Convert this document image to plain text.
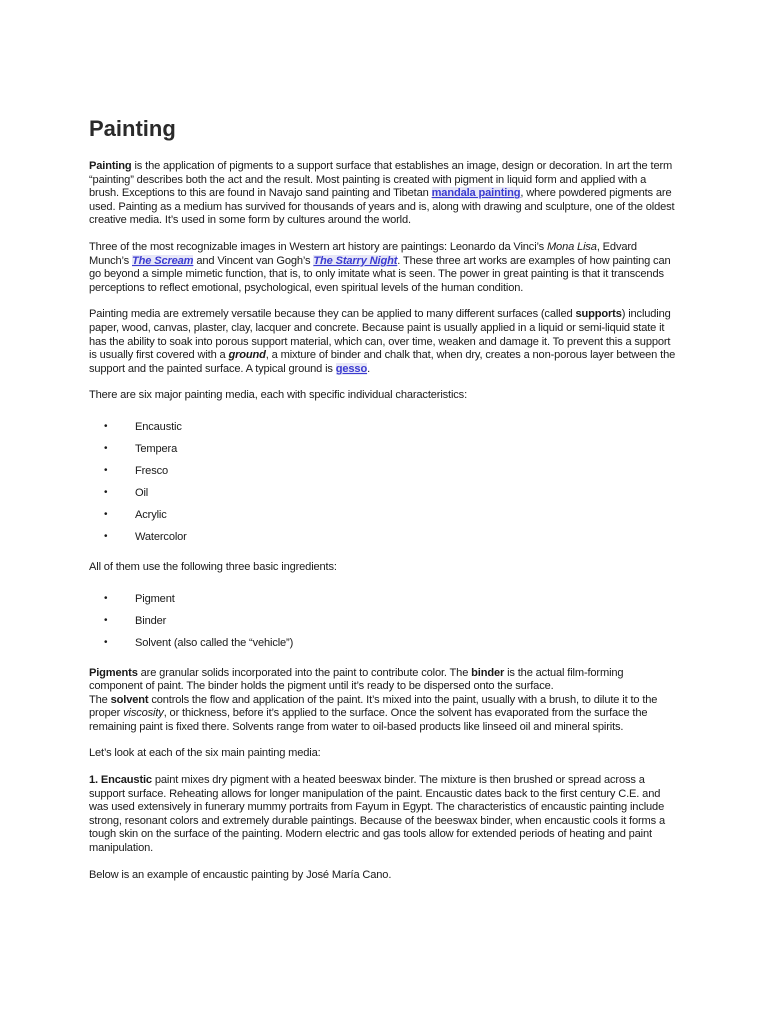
Painting

Painting is the application of pigments to a support surface that establishes an image, design or decoration. In art the term “painting” describes both the act and the result. Most painting is created with pigment in liquid form and applied with a brush. Exceptions to this are found in Navajo sand painting and Tibetan mandala painting, where powdered pigments are used. Painting as a medium has survived for thousands of years and is, along with drawing and sculpture, one of the oldest creative media. It’s used in some form by cultures around the world.

Three of the most recognizable images in Western art history are paintings: Leonardo da Vinci’s Mona Lisa, Edvard Munch’s The Scream and Vincent van Gogh’s The Starry Night. These three art works are examples of how painting can go beyond a simple mimetic function, that is, to only imitate what is seen. The power in great painting is that it transcends perceptions to reflect emotional, psychological, even spiritual levels of the human condition.

Painting media are extremely versatile because they can be applied to many different surfaces (called supports) including paper, wood, canvas, plaster, clay, lacquer and concrete. Because paint is usually applied in a liquid or semi-liquid state it has the ability to soak into porous support material, which can, over time, weaken and damage it. To prevent this a support is usually first covered with a ground, a mixture of binder and chalk that, when dry, creates a non-porous layer between the support and the painted surface. A typical ground is gesso.

There are six major painting media, each with specific individual characteristics:

• Encaustic
• Tempera
• Fresco
• Oil
• Acrylic
• Watercolor

All of them use the following three basic ingredients:

• Pigment
• Binder
• Solvent (also called the “vehicle”)

Pigments are granular solids incorporated into the paint to contribute color. The binder is the actual film-forming component of paint. The binder holds the pigment until it’s ready to be dispersed onto the surface.
The solvent controls the flow and application of the paint. It’s mixed into the paint, usually with a brush, to dilute it to the proper viscosity, or thickness, before it’s applied to the surface. Once the solvent has evaporated from the surface the remaining paint is fixed there. Solvents range from water to oil-based products like linseed oil and mineral spirits.

Let’s look at each of the six main painting media:

1. Encaustic paint mixes dry pigment with a heated beeswax binder. The mixture is then brushed or spread across a support surface. Reheating allows for longer manipulation of the paint. Encaustic dates back to the first century C.E. and was used extensively in funerary mummy portraits from Fayum in Egypt. The characteristics of encaustic painting include strong, resonant colors and extremely durable paintings. Because of the beeswax binder, when encaustic cools it forms a tough skin on the surface of the painting. Modern electric and gas tools allow for extended periods of heating and paint manipulation.

Below is an example of encaustic painting by José María Cano.
